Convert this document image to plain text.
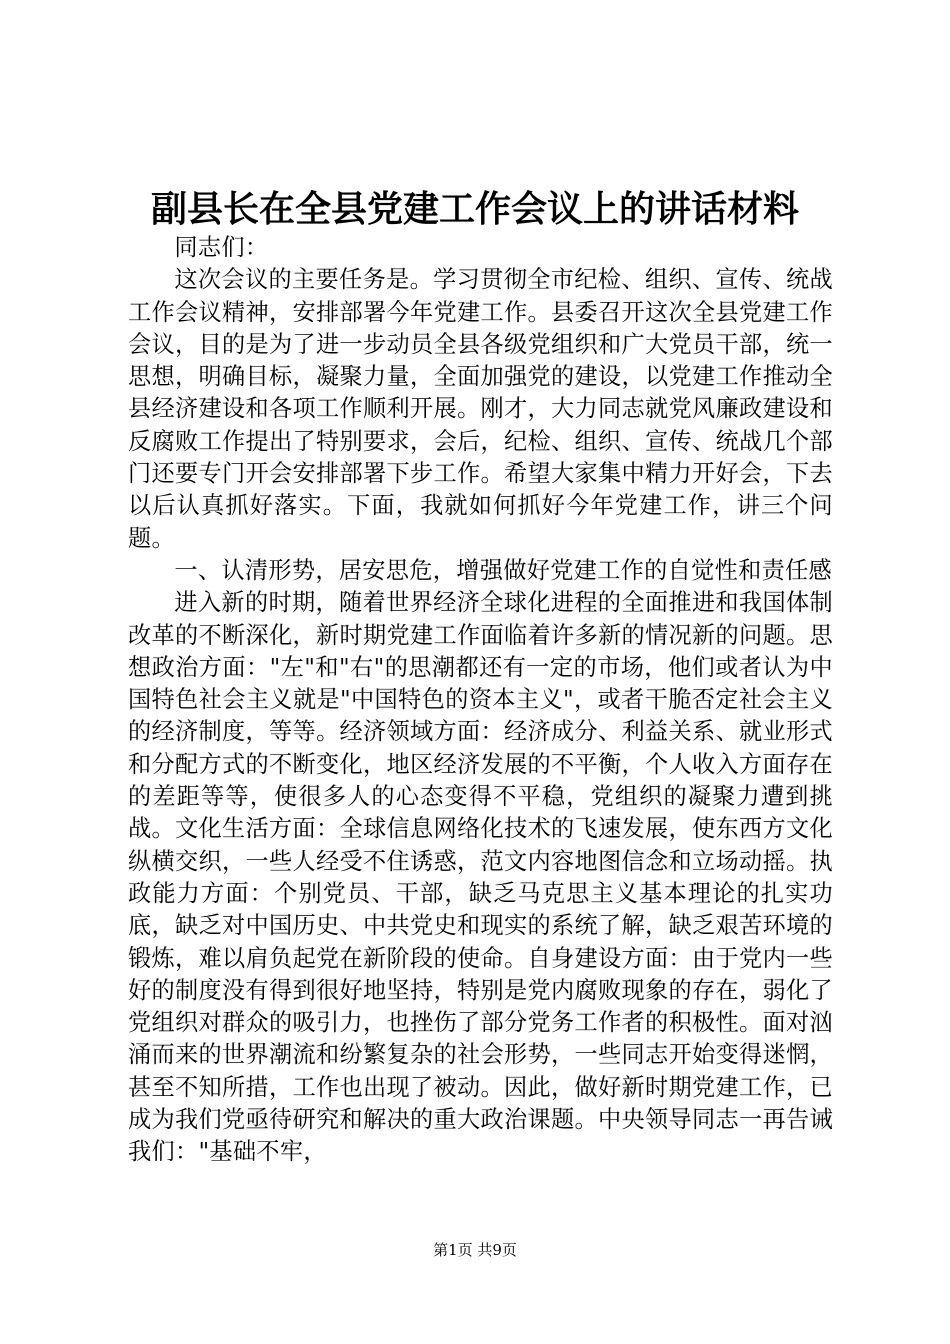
副县长在全县党建工作会议上的讲话材料

同志们：

这次会议的主要任务是。学习贯彻全市纪检、组织、宣传、统战工作会议精神，安排部署今年党建工作。县委召开这次全县党建工作会议，目的是为了进一步动员全县各级党组织和广大党员干部，统一思想，明确目标，凝聚力量，全面加强党的建设，以党建工作推动全县经济建设和各项工作顺利开展。刚才，大力同志就党风廉政建设和反腐败工作提出了特别要求，会后，纪检、组织、宣传、统战几个部门还要专门开会安排部署下步工作。希望大家集中精力开好会，下去以后认真抓好落实。下面，我就如何抓好今年党建工作，讲三个问题。

一、认清形势，居安思危，增强做好党建工作的自觉性和责任感

进入新的时期，随着世界经济全球化进程的全面推进和我国体制改革的不断深化，新时期党建工作面临着许多新的情况新的问题。思想政治方面："左"和"右"的思潮都还有一定的市场，他们或者认为中国特色社会主义就是"中国特色的资本主义"，或者干脆否定社会主义的经济制度，等等。经济领域方面：经济成分、利益关系、就业形式和分配方式的不断变化，地区经济发展的不平衡，个人收入方面存在的差距等等，使很多人的心态变得不平稳，党组织的凝聚力遭到挑战。文化生活方面：全球信息网络化技术的飞速发展，使东西方文化纵横交织，一些人经受不住诱惑，范文内容地图信念和立场动摇。执政能力方面：个别党员、干部，缺乏马克思主义基本理论的扎实功底，缺乏对中国历史、中共党史和现实的系统了解，缺乏艰苦环境的锻炼，难以肩负起党在新阶段的使命。自身建设方面：由于党内一些好的制度没有得到很好地坚持，特别是党内腐败现象的存在，弱化了党组织对群众的吸引力，也挫伤了部分党务工作者的积极性。面对汹涌而来的世界潮流和纷繁复杂的社会形势，一些同志开始变得迷惘，甚至不知所措，工作也出现了被动。因此，做好新时期党建工作，已成为我们党亟待研究和解决的重大政治课题。中央领导同志一再告诫我们："基础不牢，

第1页 共9页
